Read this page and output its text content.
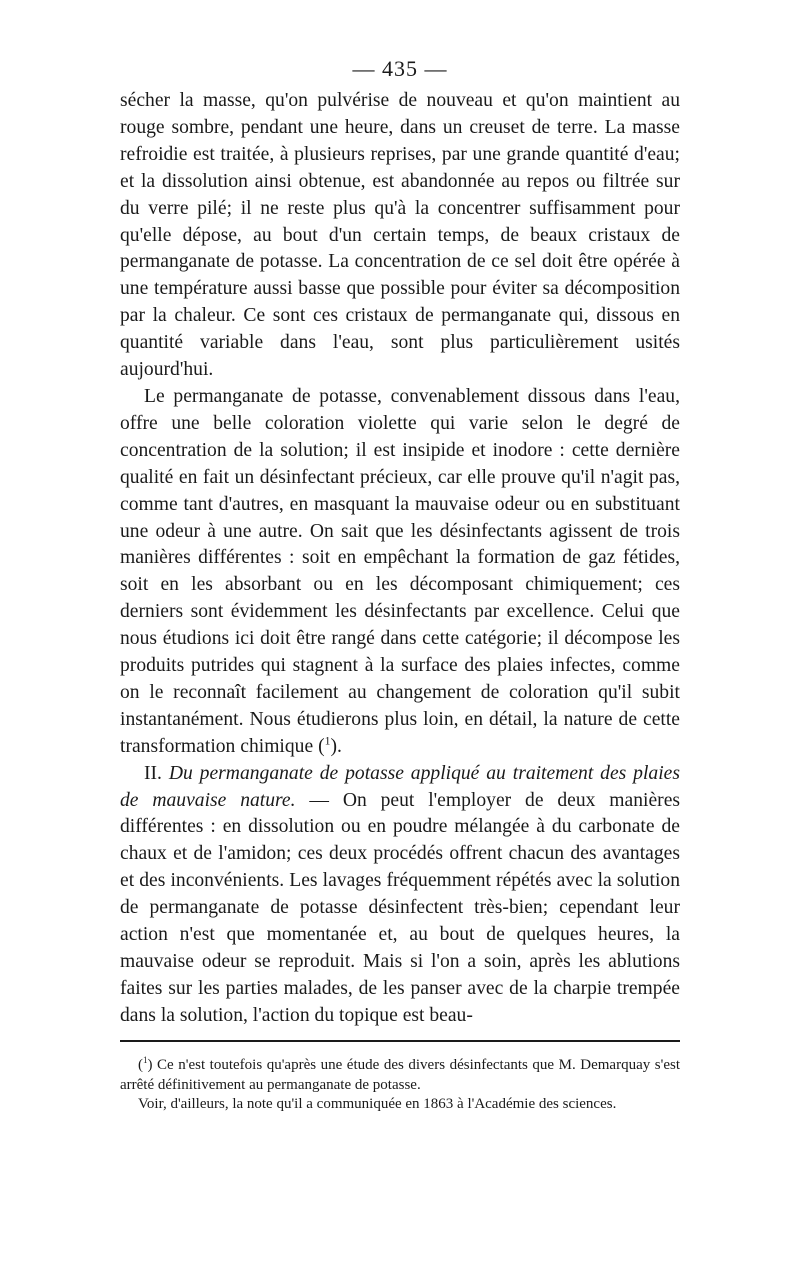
— 435 —

sécher la masse, qu'on pulvérise de nouveau et qu'on maintient au rouge sombre, pendant une heure, dans un creuset de terre. La masse refroidie est traitée, à plusieurs reprises, par une grande quantité d'eau; et la dissolution ainsi obtenue, est abandonnée au repos ou filtrée sur du verre pilé; il ne reste plus qu'à la concentrer suffisamment pour qu'elle dépose, au bout d'un certain temps, de beaux cristaux de permanganate de potasse. La concentration de ce sel doit être opérée à une température aussi basse que possible pour éviter sa décomposition par la chaleur. Ce sont ces cristaux de permanganate qui, dissous en quantité variable dans l'eau, sont plus particulièrement usités aujourd'hui.

Le permanganate de potasse, convenablement dissous dans l'eau, offre une belle coloration violette qui varie selon le degré de concentration de la solution; il est insipide et inodore : cette dernière qualité en fait un désinfectant précieux, car elle prouve qu'il n'agit pas, comme tant d'autres, en masquant la mauvaise odeur ou en substituant une odeur à une autre. On sait que les désinfectants agissent de trois manières différentes : soit en empêchant la formation de gaz fétides, soit en les absorbant ou en les décomposant chimiquement; ces derniers sont évidemment les désinfectants par excellence. Celui que nous étudions ici doit être rangé dans cette catégorie; il décompose les produits putrides qui stagnent à la surface des plaies infectes, comme on le reconnaît facilement au changement de coloration qu'il subit instantanément. Nous étudierons plus loin, en détail, la nature de cette transformation chimique ($^1$).

II. Du permanganate de potasse appliqué au traitement des plaies de mauvaise nature. — On peut l'employer de deux manières différentes : en dissolution ou en poudre mélangée à du carbonate de chaux et de l'amidon; ces deux procédés offrent chacun des avantages et des inconvénients. Les lavages fréquemment répétés avec la solution de permanganate de potasse désinfectent très-bien; cependant leur action n'est que momentanée et, au bout de quelques heures, la mauvaise odeur se reproduit. Mais si l'on a soin, après les ablutions faites sur les parties malades, de les panser avec de la charpie trempée dans la solution, l'action du topique est beau-

($^1$) Ce n'est toutefois qu'après une étude des divers désinfectants que M. Demarquay s'est arrêté définitivement au permanganate de potasse.

Voir, d'ailleurs, la note qu'il a communiquée en 1863 à l'Académie des sciences.
